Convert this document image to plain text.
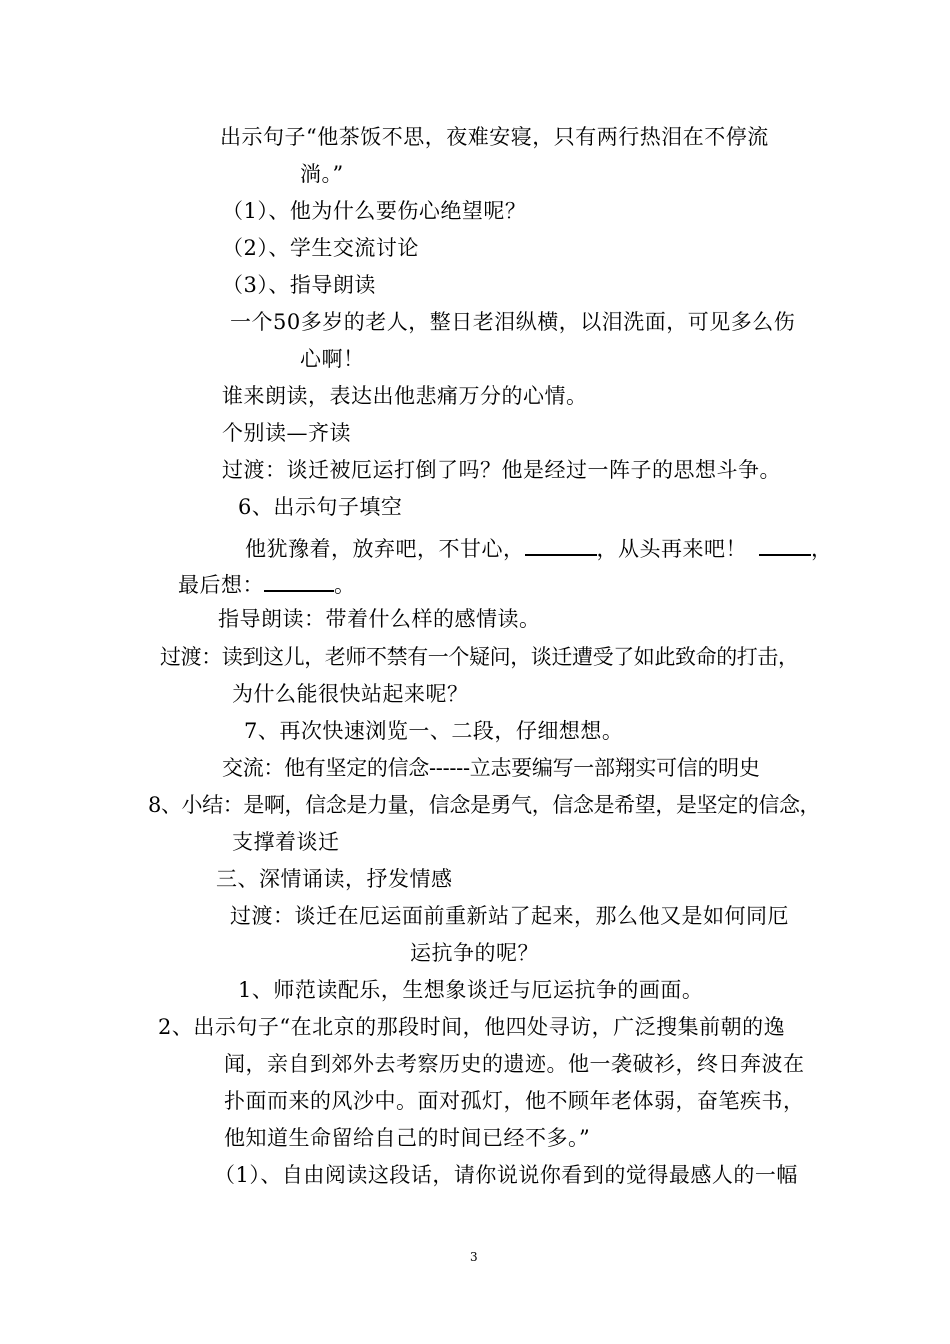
出示句子“他茶饭不思，夜难安寝，只有两行热泪在不停流
淌。”
（1）、他为什么要伤心绝望呢？
（2）、学生交流讨论
（3）、指导朗读
一个50多岁的老人，整日老泪纵横，以泪洗面，可见多么伤
心啊！
谁来朗读，表达出他悲痛万分的心情。
个别读—齐读
过渡：谈迁被厄运打倒了吗？他是经过一阵子的思想斗争。
6、出示句子填空
他犹豫着，放弃吧，不甘心，	，从头再来吧！	，
最后想：	。
指导朗读：带着什么样的感情读。
过渡：读到这儿，老师不禁有一个疑问，谈迁遭受了如此致命的打击，
为什么能很快站起来呢？
7、再次快速浏览一、二段，仔细想想。
交流：他有坚定的信念------立志要编写一部翔实可信的明史
8、小结：是啊，信念是力量，信念是勇气，信念是希望，是坚定的信念，
支撑着谈迁
三、深情诵读，抒发情感
过渡：谈迁在厄运面前重新站了起来，那么他又是如何同厄
运抗争的呢？
1、师范读配乐，生想象谈迁与厄运抗争的画面。
2、出示句子“在北京的那段时间，他四处寻访，广泛搜集前朝的逸
闻，亲自到郊外去考察历史的遗迹。他一袭破衫，终日奔波在
扑面而来的风沙中。面对孤灯，他不顾年老体弱，奋笔疾书，
他知道生命留给自己的时间已经不多。”
（1）、自由阅读这段话，请你说说你看到的觉得最感人的一幅
3
